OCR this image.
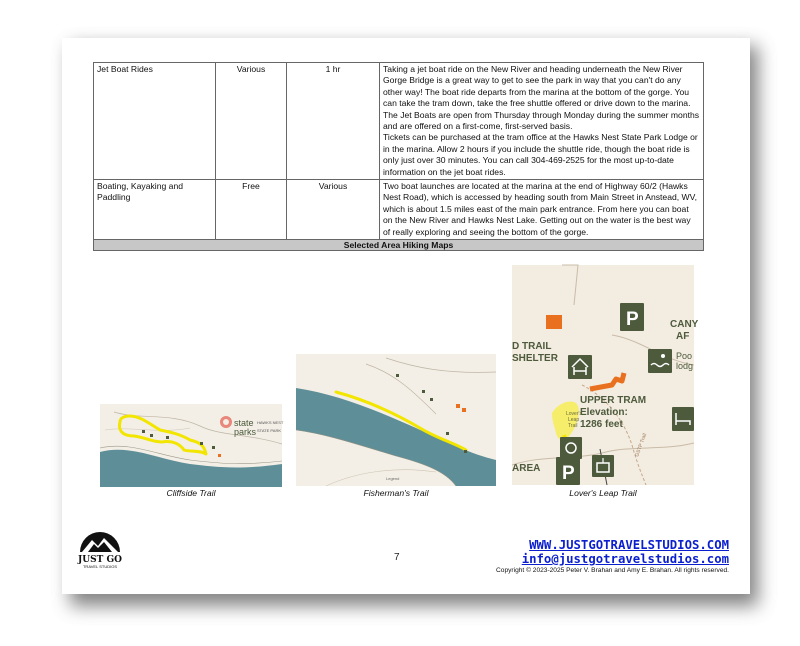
Jet Boat Rides	Various	1 hr	Taking a jet boat ride on the New River and heading underneath the New River Gorge Bridge is a great way to get to see the park in way that you can't do any other way! The boat ride departs from the marina at the bottom of the gorge. You can take the tram down, take the free shuttle offered or drive down to the marina. The Jet Boats are open from Thursday through Monday during the summer months and are offered on a first-come, first-served basis.
Tickets can be purchased at the tram office at the Hawks Nest State Park Lodge or in the marina. Allow 2 hours if you include the shuttle ride, though the boat ride is only just over 30 minutes. You can call 304-469-2525 for the most up-to-date information on the jet boat rides.
Boating, Kayaking and Paddling	Free	Various	Two boat launches are located at the marina at the end of Highway 60/2 (Hawks Nest Road), which is accessed by heading south from Main Street in Anstead, WV, which is about 1.5 miles east of the main park entrance. From here you can boat on the New River and Hawks Nest Lake. Getting out on the water is the best way of really exploring and seeing the bottom of the gorge.
Selected Area Hiking Maps			
state
parks
HAWKS NEST
STATE PARK
Cliffside Trail
Legend
Fisherman's Trail
P
P
D TRAIL
SHELTER
CANY
AF
Poo
lodg
UPPER TRAM
Elevation:
1286 feet
AREA
GSTP Trail
Lover's
Leap
Trail
Lover's Leap Trail
JUST GO
TRAVEL STUDIOS
7
WWW.JUSTGOTRAVELSTUDIOS.COM
info@justgotravelstudios.com
Copyright © 2023-2025 Peter V. Brahan and Amy E. Brahan. All rights reserved.
